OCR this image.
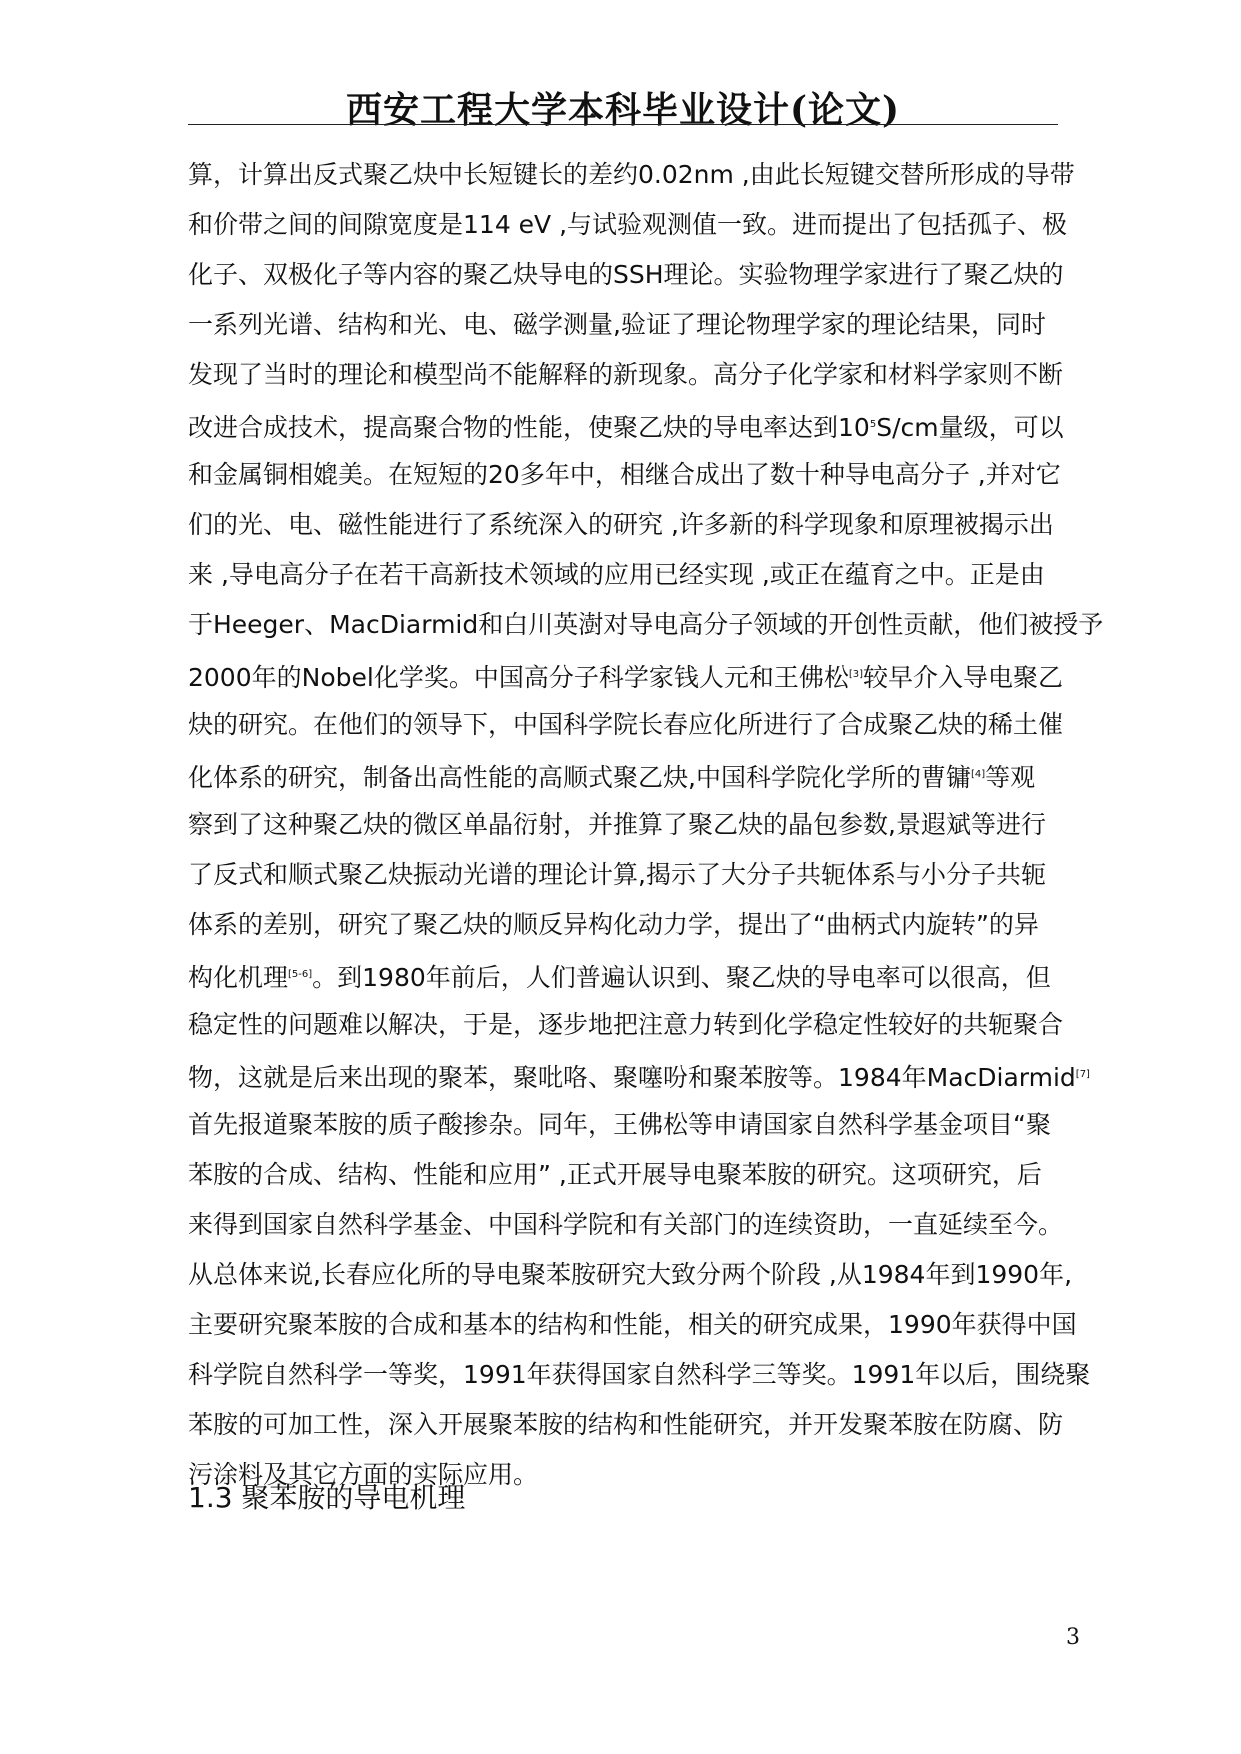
西安工程大学本科毕业设计(论文)
算，计算出反式聚乙炔中长短键长的差约0.02nm ,由此长短键交替所形成的导带
和价带之间的间隙宽度是114 eV ,与试验观测值一致。进而提出了包括孤子、极
化子、双极化子等内容的聚乙炔导电的SSH理论。实验物理学家进行了聚乙炔的
一系列光谱、结构和光、电、磁学测量,验证了理论物理学家的理论结果，同时
发现了当时的理论和模型尚不能解释的新现象。高分子化学家和材料学家则不断
改进合成技术，提高聚合物的性能，使聚乙炔的导电率达到$10^5S/cm$量级，可以
和金属铜相媲美。在短短的20多年中，相继合成出了数十种导电高分子 ,并对它
们的光、电、磁性能进行了系统深入的研究 ,许多新的科学现象和原理被揭示出
来 ,导电高分子在若干高新技术领域的应用已经实现 ,或正在蕴育之中。正是由
于Heeger、MacDiarmid和白川英澍对导电高分子领域的开创性贡献，他们被授予
2000年的Nobel化学奖。中国高分子科学家钱人元和王佛松[3]较早介入导电聚乙
炔的研究。在他们的领导下，中国科学院长春应化所进行了合成聚乙炔的稀土催
化体系的研究，制备出高性能的高顺式聚乙炔,中国科学院化学所的曹镛[4]等观
察到了这种聚乙炔的微区单晶衍射，并推算了聚乙炔的晶包参数,景遐斌等进行
了反式和顺式聚乙炔振动光谱的理论计算,揭示了大分子共轭体系与小分子共轭
体系的差别，研究了聚乙炔的顺反异构化动力学，提出了“曲柄式内旋转”的异
构化机理[5-6]。到1980年前后，人们普遍认识到、聚乙炔的导电率可以很高，但
稳定性的问题难以解决，于是，逐步地把注意力转到化学稳定性较好的共轭聚合
物，这就是后来出现的聚苯，聚吡咯、聚噻吩和聚苯胺等。1984年MacDiarmid[7]
首先报道聚苯胺的质子酸掺杂。同年，王佛松等申请国家自然科学基金项目“聚
苯胺的合成、结构、性能和应用” ,正式开展导电聚苯胺的研究。这项研究，后
来得到国家自然科学基金、中国科学院和有关部门的连续资助，一直延续至今。
从总体来说,长春应化所的导电聚苯胺研究大致分两个阶段 ,从1984年到1990年,
主要研究聚苯胺的合成和基本的结构和性能，相关的研究成果，1990年获得中国
科学院自然科学一等奖，1991年获得国家自然科学三等奖。1991年以后，围绕聚
苯胺的可加工性，深入开展聚苯胺的结构和性能研究，并开发聚苯胺在防腐、防
污涂料及其它方面的实际应用。
1.3 聚苯胺的导电机理
3
